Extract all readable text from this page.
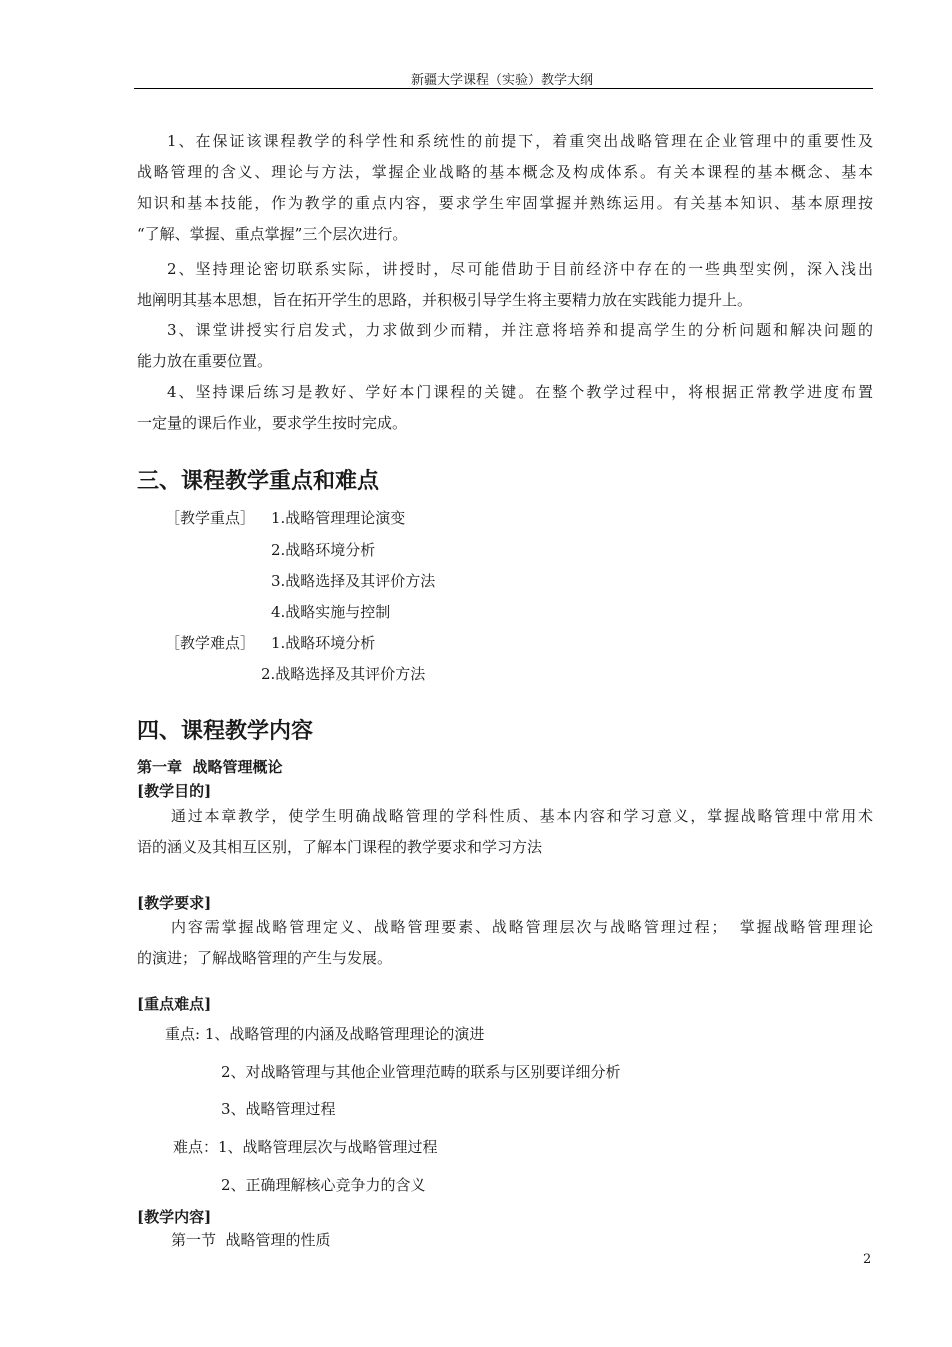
新疆大学课程（实验）教学大纲
1、在保证该课程教学的科学性和系统性的前提下，着重突出战略管理在企业管理中的重要性及
战略管理的含义、理论与方法，掌握企业战略的基本概念及构成体系。有关本课程的基本概念、基本
知识和基本技能，作为教学的重点内容，要求学生牢固掌握并熟练运用。有关基本知识、基本原理按
“了解、掌握、重点掌握”三个层次进行。
2、坚持理论密切联系实际，讲授时，尽可能借助于目前经济中存在的一些典型实例，深入浅出
地阐明其基本思想，旨在拓开学生的思路，并积极引导学生将主要精力放在实践能力提升上。
3、课堂讲授实行启发式，力求做到少而精，并注意将培养和提高学生的分析问题和解决问题的
能力放在重要位置。
4、坚持课后练习是教好、学好本门课程的关键。在整个教学过程中，将根据正常教学进度布置
一定量的课后作业，要求学生按时完成。
三、课程教学重点和难点
［教学重点］ 1.战略管理理论演变
2.战略环境分析
3.战略选择及其评价方法
4.战略实施与控制
［教学难点］ 1.战略环境分析
2.战略选择及其评价方法
四、课程教学内容
第一章  战略管理概论
[教学目的]
通过本章教学，使学生明确战略管理的学科性质、基本内容和学习意义，掌握战略管理中常用术
语的涵义及其相互区别，了解本门课程的教学要求和学习方法
[教学要求]
内容需掌握战略管理定义、战略管理要素、战略管理层次与战略管理过程；  掌握战略管理理论
的演进；了解战略管理的产生与发展。
[重点难点]
重点: 1、战略管理的内涵及战略管理理论的演进
2、对战略管理与其他企业管理范畴的联系与区别要详细分析
3、战略管理过程
难点：1、战略管理层次与战略管理过程
2、正确理解核心竞争力的含义
[教学内容]
第一节  战略管理的性质
2
